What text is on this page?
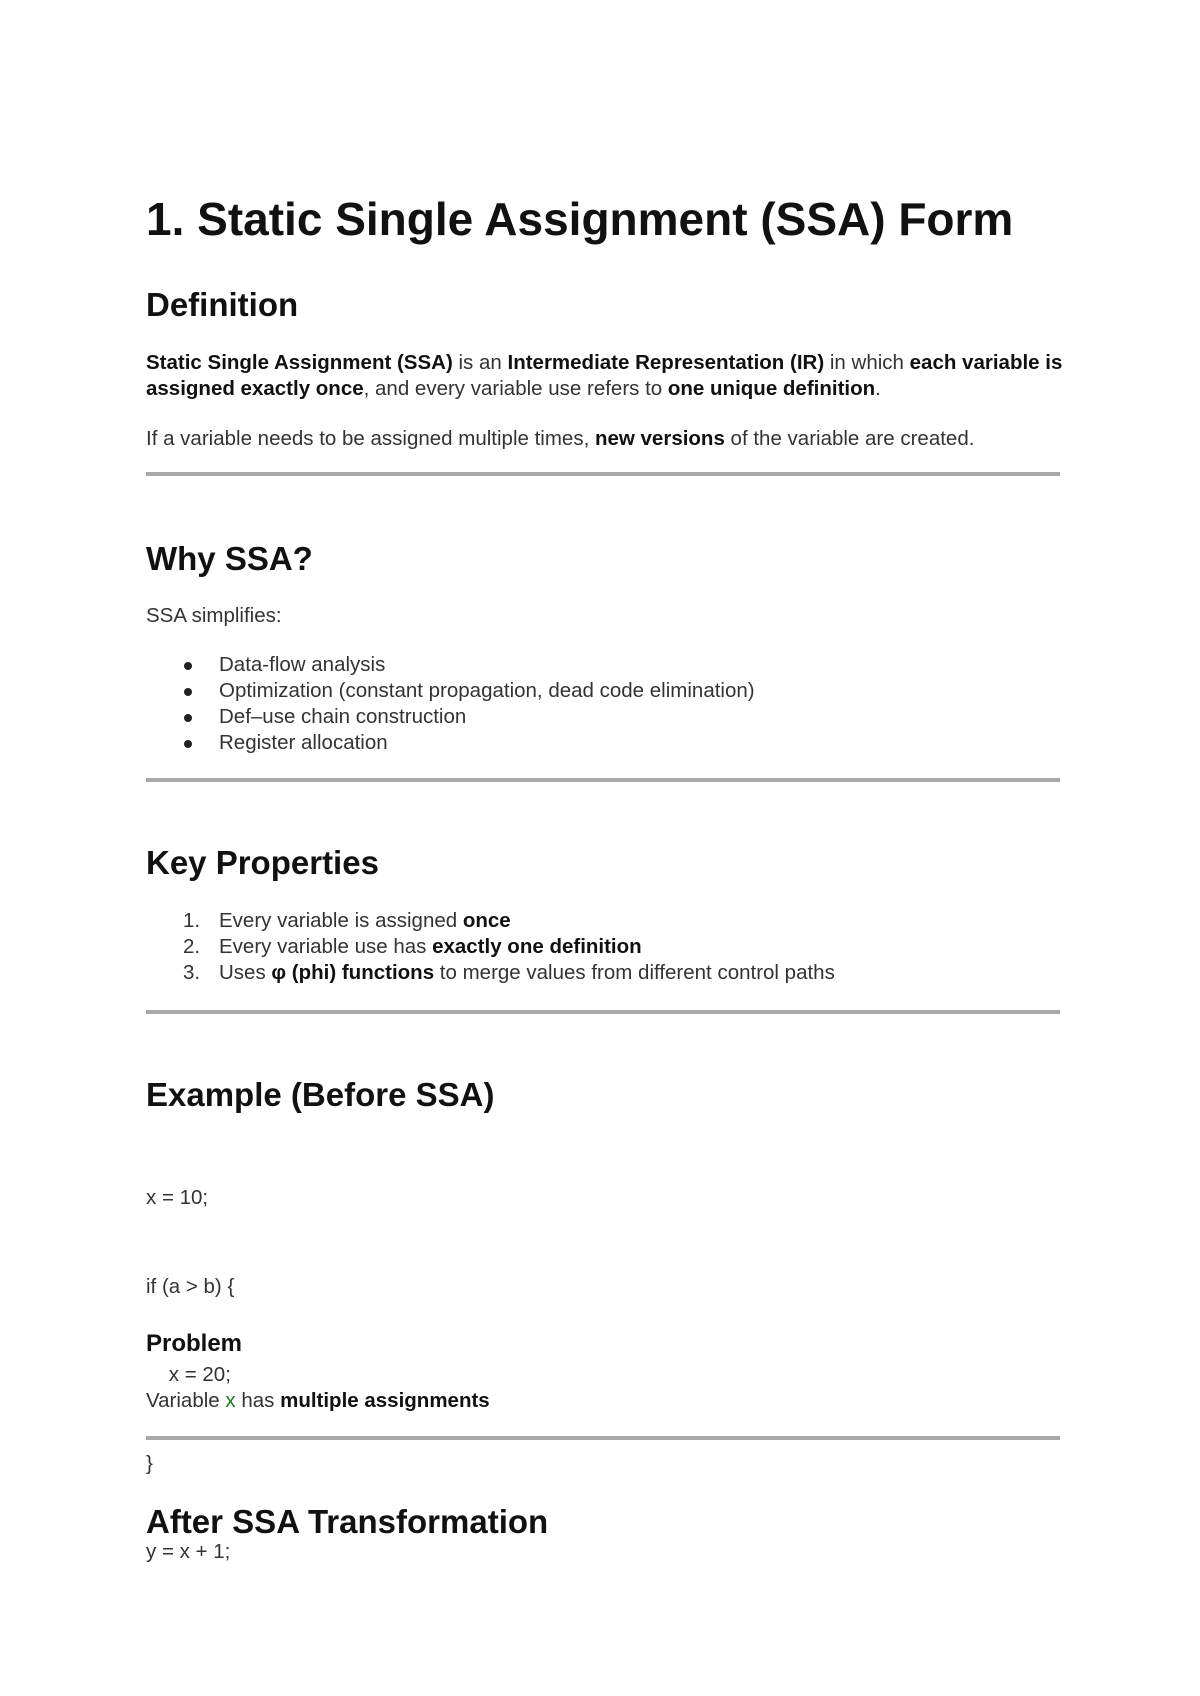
1. Static Single Assignment (SSA) Form
Definition

Static Single Assignment (SSA) is an Intermediate Representation (IR) in which each variable is assigned exactly once, and every variable use refers to one unique definition.

If a variable needs to be assigned multiple times, new versions of the variable are created.

Why SSA?

SSA simplifies:

Data-flow analysis
Optimization (constant propagation, dead code elimination)
Def–use chain construction
Register allocation
Key Properties
1. Every variable is assigned once
2. Every variable use has exactly one definition
3. Uses φ (phi) functions to merge values from different control paths
Example (Before SSA)

x = 10;

if (a > b) {

x = 20;

}

y = x + 1;

Problem

Variable x has multiple assignments

After SSA Transformation
